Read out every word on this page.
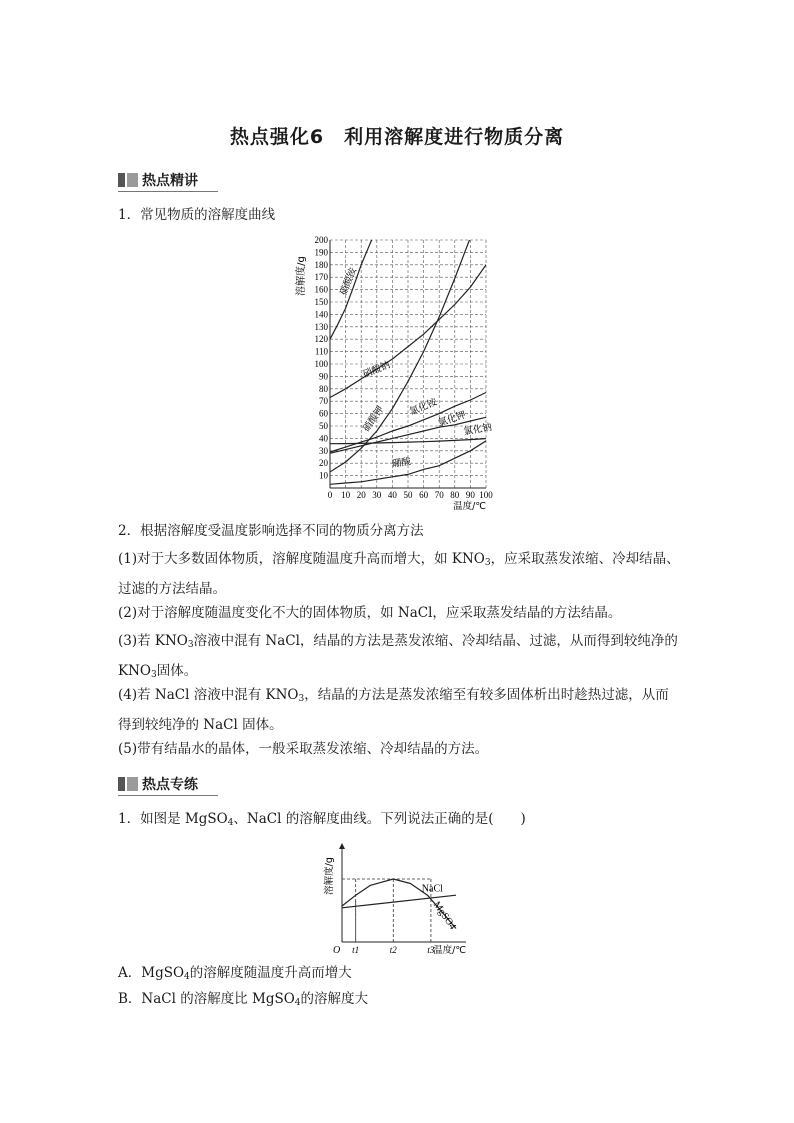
热点强化6　利用溶解度进行物质分离
热点精讲
1．常见物质的溶解度曲线
0 10 20 30 40 50 60 70 80 90 100
10
20
30
40
50
60
70
80
90
100
110
120
130
140
150
160
170
180
190
200
溶解度/g
温度/℃
硝酸铵
硝酸钠
硝酸钾 氯化铵
氯化钾
氯化钠
硼酸
2．根据溶解度受温度影响选择不同的物质分离方法
(1)对于大多数固体物质，溶解度随温度升高而增大，如 $KNO_3$，应采取蒸发浓缩、冷却结晶、
过滤的方法结晶。
(2)对于溶解度随温度变化不大的固体物质，如 NaCl，应采取蒸发结晶的方法结晶。
(3)若 $KNO_3$溶液中混有 NaCl，结晶的方法是蒸发浓缩、冷却结晶、过滤，从而得到较纯净的
$KNO_3$固体。
(4)若 NaCl 溶液中混有 $KNO_3$，结晶的方法是蒸发浓缩至有较多固体析出时趁热过滤，从而
得到较纯净的 NaCl 固体。
(5)带有结晶水的晶体，一般采取蒸发浓缩、冷却结晶的方法。
热点专练
1．如图是 MgSO$_4$、NaCl 的溶解度曲线。下列说法正确的是(　　)
NaCl
MgSO4
O t1	t2	t3
温度/℃
溶解度/g
A．MgSO$_4$的溶解度随温度升高而增大
B．NaCl 的溶解度比 MgSO$_4$的溶解度大
